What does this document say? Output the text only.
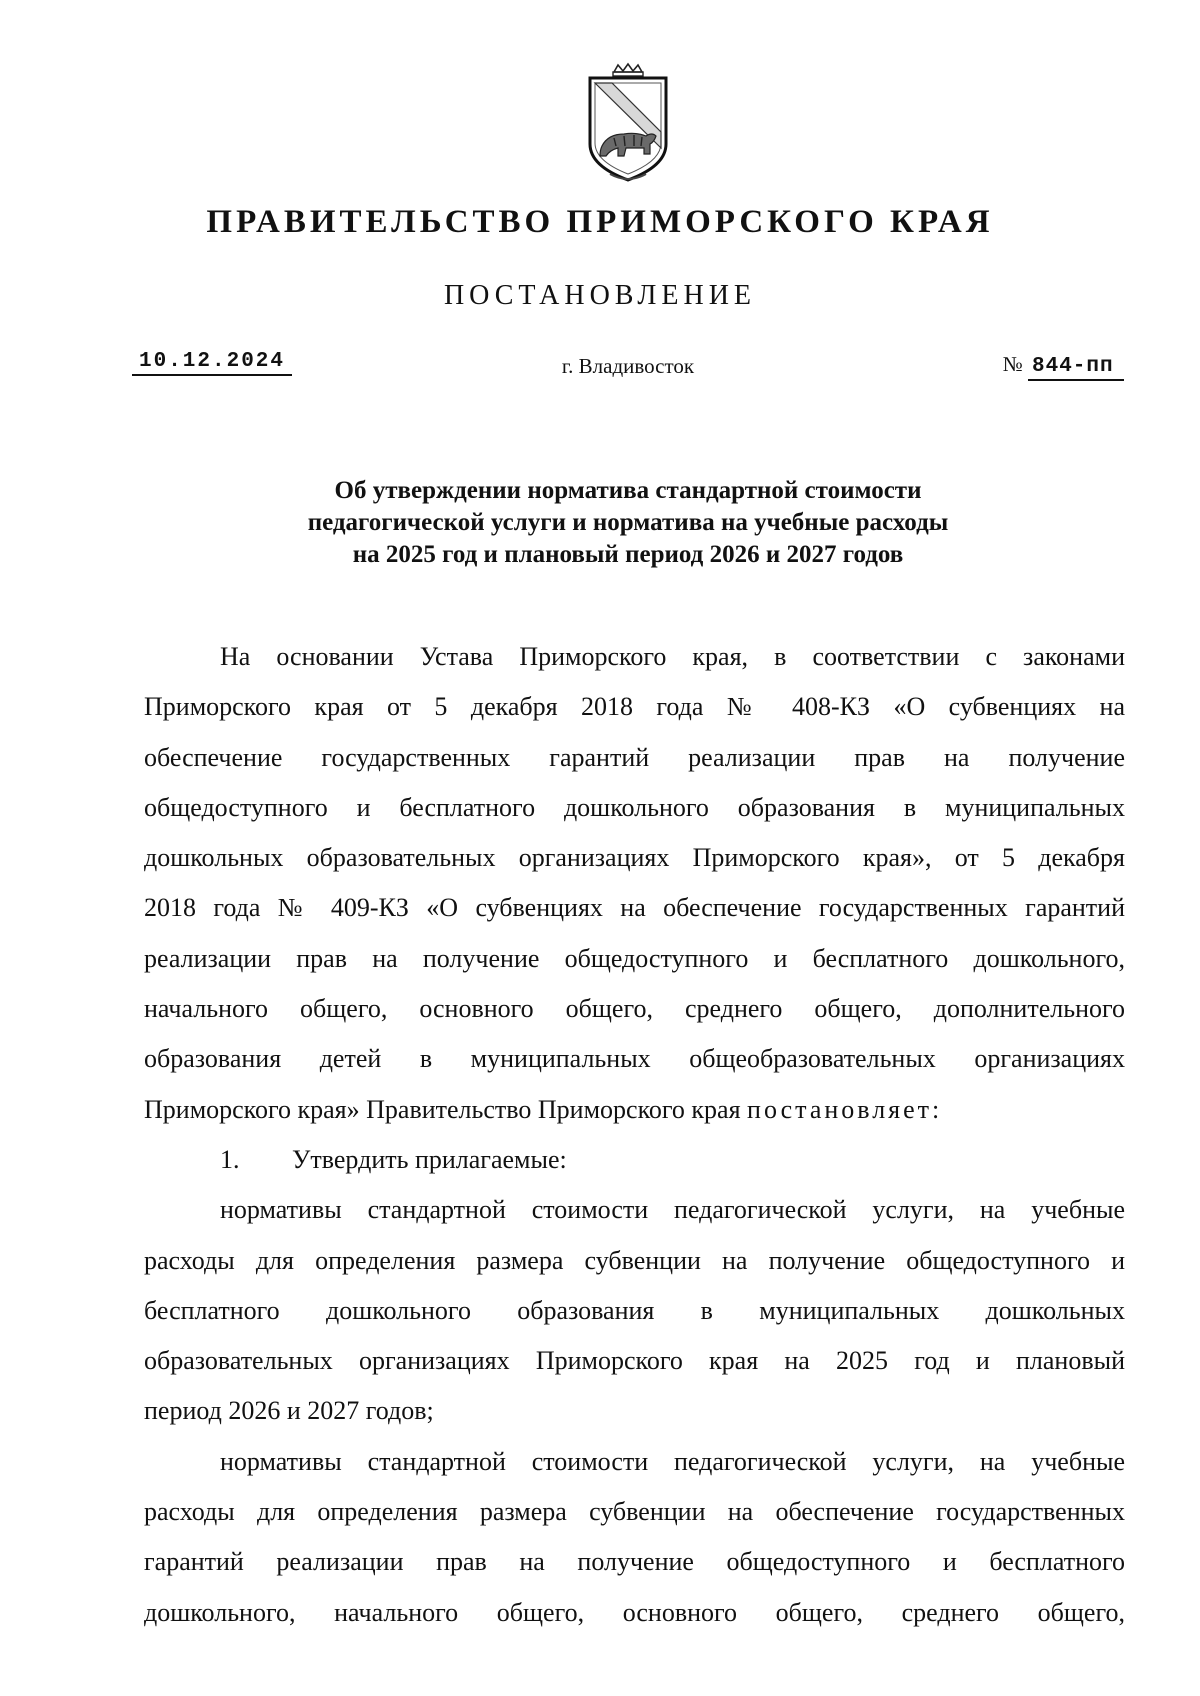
ПРАВИТЕЛЬСТВО ПРИМОРСКОГО КРАЯ
ПОСТАНОВЛЕНИЕ
10.12.2024	г. Владивосток	№ 844-пп
Об утверждении норматива стандартной стоимости
педагогической услуги и норматива на учебные расходы
на 2025 год и плановый период 2026 и 2027 годов
На основании Устава Приморского края, в соответствии с законами
Приморского края от 5 декабря 2018 года № 408-КЗ «О субвенциях на
обеспечение государственных гарантий реализации прав на получение
общедоступного и бесплатного дошкольного образования в муниципальных
дошкольных образовательных организациях Приморского края», от 5 декабря
2018 года № 409-КЗ «О субвенциях на обеспечение государственных гарантий
реализации прав на получение общедоступного и бесплатного дошкольного,
начального общего, основного общего, среднего общего, дополнительного
образования детей в муниципальных общеобразовательных организациях
Приморского края» Правительство Приморского края постановляет:
1. Утвердить прилагаемые:
нормативы стандартной стоимости педагогической услуги, на учебные
расходы для определения размера субвенции на получение общедоступного и
бесплатного дошкольного образования в муниципальных дошкольных
образовательных организациях Приморского края на 2025 год и плановый
период 2026 и 2027 годов;
нормативы стандартной стоимости педагогической услуги, на учебные
расходы для определения размера субвенции на обеспечение государственных
гарантий реализации прав на получение общедоступного и бесплатного
дошкольного, начального общего, основного общего, среднего общего,
